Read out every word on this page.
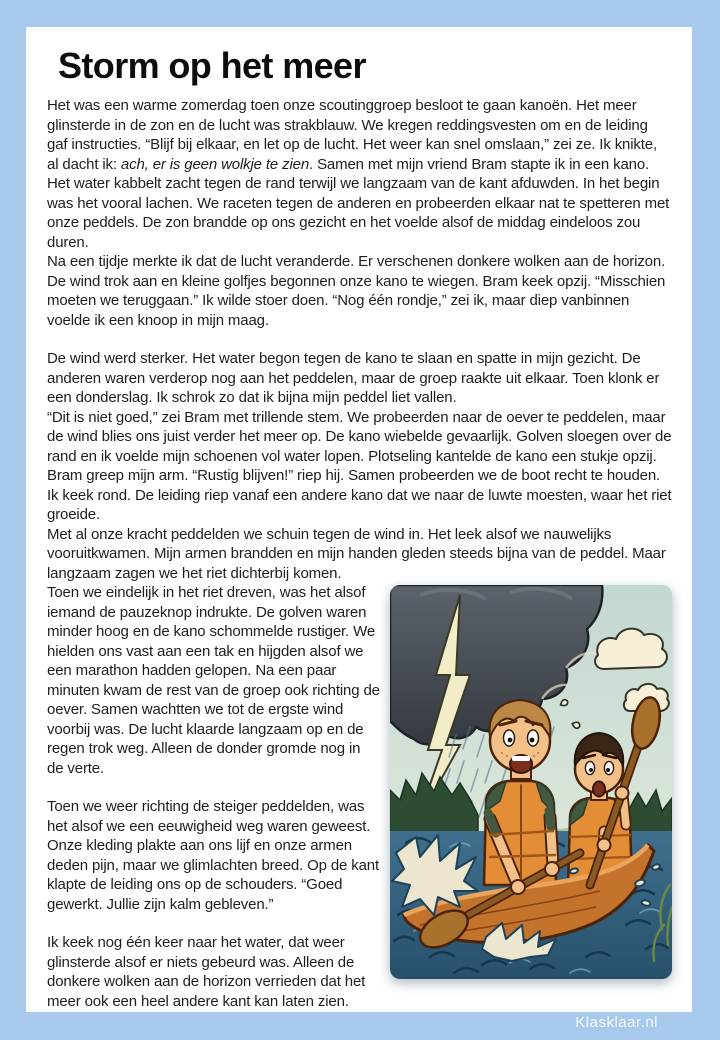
Storm op het meer

Het was een warme zomerdag toen onze scoutinggroep besloot te gaan kanoën. Het meer glinsterde in de zon en de lucht was strakblauw. We kregen reddingsvesten om en de leiding gaf instructies. “Blijf bij elkaar, en let op de lucht. Het weer kan snel omslaan,” zei ze. Ik knikte, al dacht ik: ach, er is geen wolkje te zien. Samen met mijn vriend Bram stapte ik in een kano. Het water kabbelt zacht tegen de rand terwijl we langzaam van de kant afduwden. In het begin was het vooral lachen. We raceten tegen de anderen en probeerden elkaar nat te spetteren met onze peddels. De zon brandde op ons gezicht en het voelde alsof de middag eindeloos zou duren.

Na een tijdje merkte ik dat de lucht veranderde. Er verschenen donkere wolken aan de horizon. De wind trok aan en kleine golfjes begonnen onze kano te wiegen. Bram keek opzij. “Misschien moeten we teruggaan.” Ik wilde stoer doen. “Nog één rondje,” zei ik, maar diep vanbinnen voelde ik een knoop in mijn maag.

De wind werd sterker. Het water begon tegen de kano te slaan en spatte in mijn gezicht. De anderen waren verderop nog aan het peddelen, maar de groep raakte uit elkaar. Toen klonk er een donderslag. Ik schrok zo dat ik bijna mijn peddel liet vallen.

“Dit is niet goed,” zei Bram met trillende stem. We probeerden naar de oever te peddelen, maar de wind blies ons juist verder het meer op. De kano wiebelde gevaarlijk. Golven sloegen over de rand en ik voelde mijn schoenen vol water lopen. Plotseling kantelde de kano een stukje opzij. Bram greep mijn arm. “Rustig blijven!” riep hij. Samen probeerden we de boot recht te houden. Ik keek rond. De leiding riep vanaf een andere kano dat we naar de luwte moesten, waar het riet groeide.

Met al onze kracht peddelden we schuin tegen de wind in. Het leek alsof we nauwelijks vooruitkwamen. Mijn armen brandden en mijn handen gleden steeds bijna van de peddel. Maar langzaam zagen we het riet dichterbij komen.

Toen we eindelijk in het riet dreven, was het alsof iemand de pauzeknop indrukte. De golven waren minder hoog en de kano schommelde rustiger. We hielden ons vast aan een tak en hijgden alsof we een marathon hadden gelopen. Na een paar minuten kwam de rest van de groep ook richting de oever. Samen wachtten we tot de ergste wind voorbij was. De lucht klaarde langzaam op en de regen trok weg. Alleen de donder gromde nog in de verte.

Toen we weer richting de steiger peddelden, was het alsof we een eeuwigheid weg waren geweest. Onze kleding plakte aan ons lijf en onze armen deden pijn, maar we glimlachten breed. Op de kant klapte de leiding ons op de schouders. “Goed gewerkt. Jullie zijn kalm gebleven.”

Ik keek nog één keer naar het water, dat weer glinsterde alsof er niets gebeurd was. Alleen de donkere wolken aan de horizon verrieden dat het meer ook een heel andere kant kan laten zien.

Klasklaar.nl
